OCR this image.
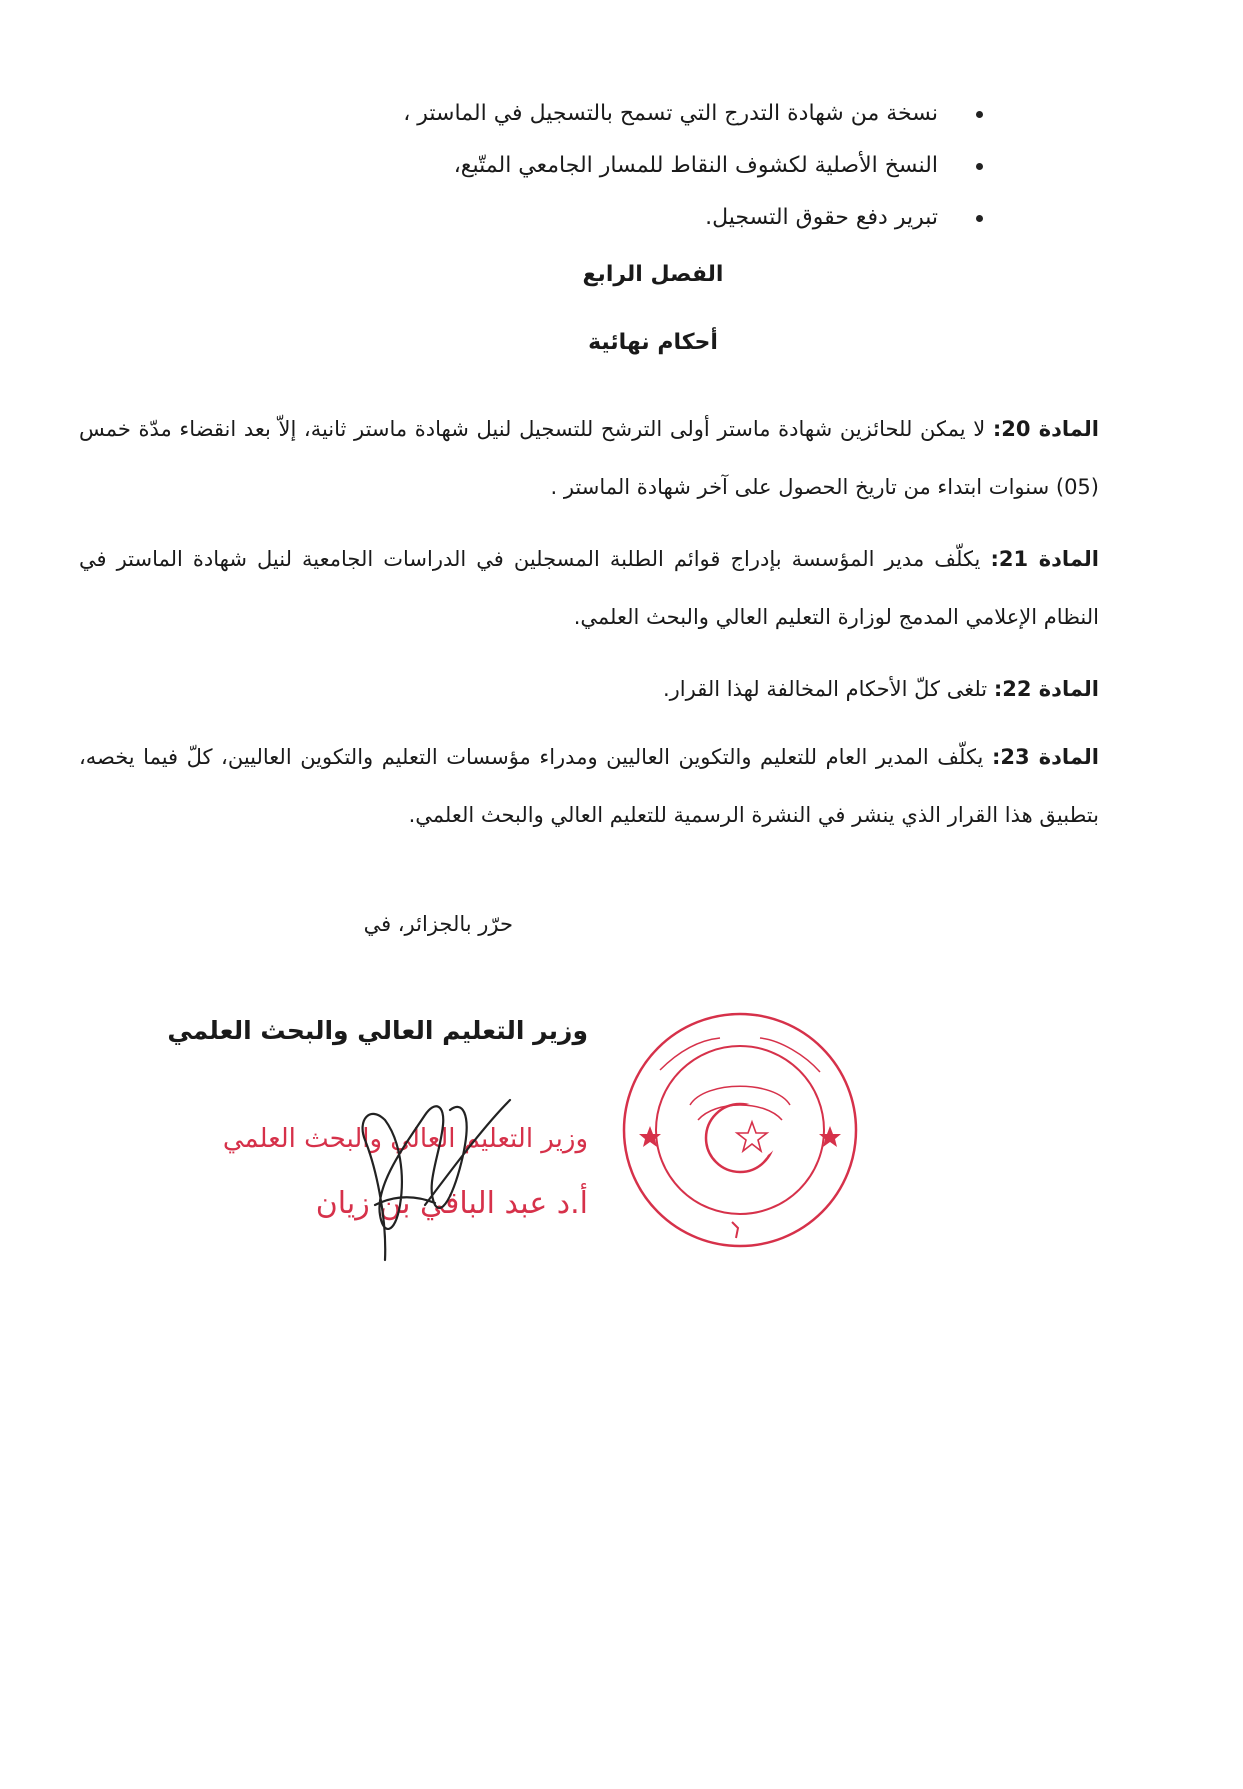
نسخة من شهادة التدرج التي تسمح بالتسجيل في الماستر ،
النسخ الأصلية لكشوف النقاط للمسار الجامعي المتّبع،
تبرير دفع حقوق التسجيل.
الفصل الرابع
أحكام نهائية
المادة 20: لا يمكن للحائزين شهادة ماستر أولى الترشح للتسجيل لنيل شهادة ماستر ثانية، إلاّ بعد انقضاء مدّة خمس (05) سنوات ابتداء من تاريخ الحصول على آخر شهادة الماستر .
المادة 21: يكلّف مدير المؤسسة بإدراج قوائم الطلبة المسجلين في الدراسات الجامعية لنيل شهادة الماستر في النظام الإعلامي المدمج لوزارة التعليم العالي والبحث العلمي.
المادة 22: تلغى كلّ الأحكام المخالفة لهذا القرار.
المادة 23: يكلّف المدير العام للتعليم والتكوين العاليين ومدراء مؤسسات التعليم والتكوين العاليين، كلّ فيما يخصه، بتطبيق هذا القرار الذي ينشر في النشرة الرسمية للتعليم العالي والبحث العلمي.
حرّر بالجزائر، في
وزير التعليم العالي والبحث العلمي
وزير التعليم العالي والبحث العلمي
أ.د عبد الباقي بن زيان
